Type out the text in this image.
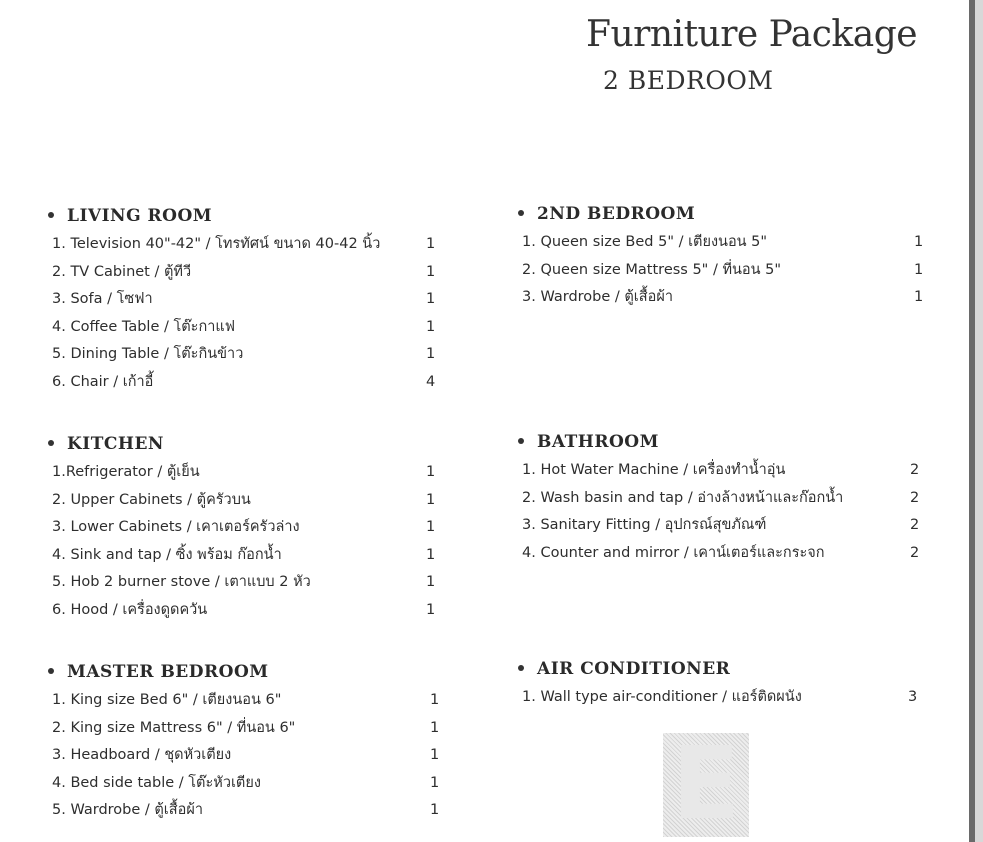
Furniture Package
2 BEDROOM
LIVING ROOM
1. Television 40"-42" / โทรทัศน์ ขนาด 40-42 นิ้ว	1
2. TV Cabinet / ตู้ทีวี	1
3. Sofa / โซฟา	1
4. Coffee Table / โต๊ะกาแฟ	1
5. Dining Table / โต๊ะกินข้าว	1
6. Chair / เก้าอี้	4
KITCHEN
1.Refrigerator / ตู้เย็น	1
2. Upper Cabinets / ตู้ครัวบน	1
3. Lower Cabinets / เคาเตอร์ครัวล่าง	1
4. Sink and tap / ซิ้ง พร้อม ก๊อกน้ำ	1
5. Hob 2 burner stove / เตาแบบ 2 หัว	1
6. Hood / เครื่องดูดควัน	1
MASTER BEDROOM
1. King size Bed 6" / เตียงนอน 6"	1
2. King size Mattress 6" / ที่นอน 6"	1
3. Headboard / ชุดหัวเตียง	1
4. Bed side table / โต๊ะหัวเตียง	1
5. Wardrobe / ตู้เสื้อผ้า	1
2ND BEDROOM
1. Queen size Bed 5" / เตียงนอน 5"	1
2. Queen size Mattress 5" / ที่นอน 5"	1
3. Wardrobe / ตู้เสื้อผ้า	1
BATHROOM
1. Hot Water Machine / เครื่องทำน้ำอุ่น	2
2. Wash basin and tap / อ่างล้างหน้าและก๊อกน้ำ	2
3. Sanitary Fitting / อุปกรณ์สุขภัณฑ์	2
4. Counter and mirror / เคาน์เตอร์และกระจก	2
AIR CONDITIONER
1. Wall type air-conditioner / แอร์ติดผนัง	3
E
